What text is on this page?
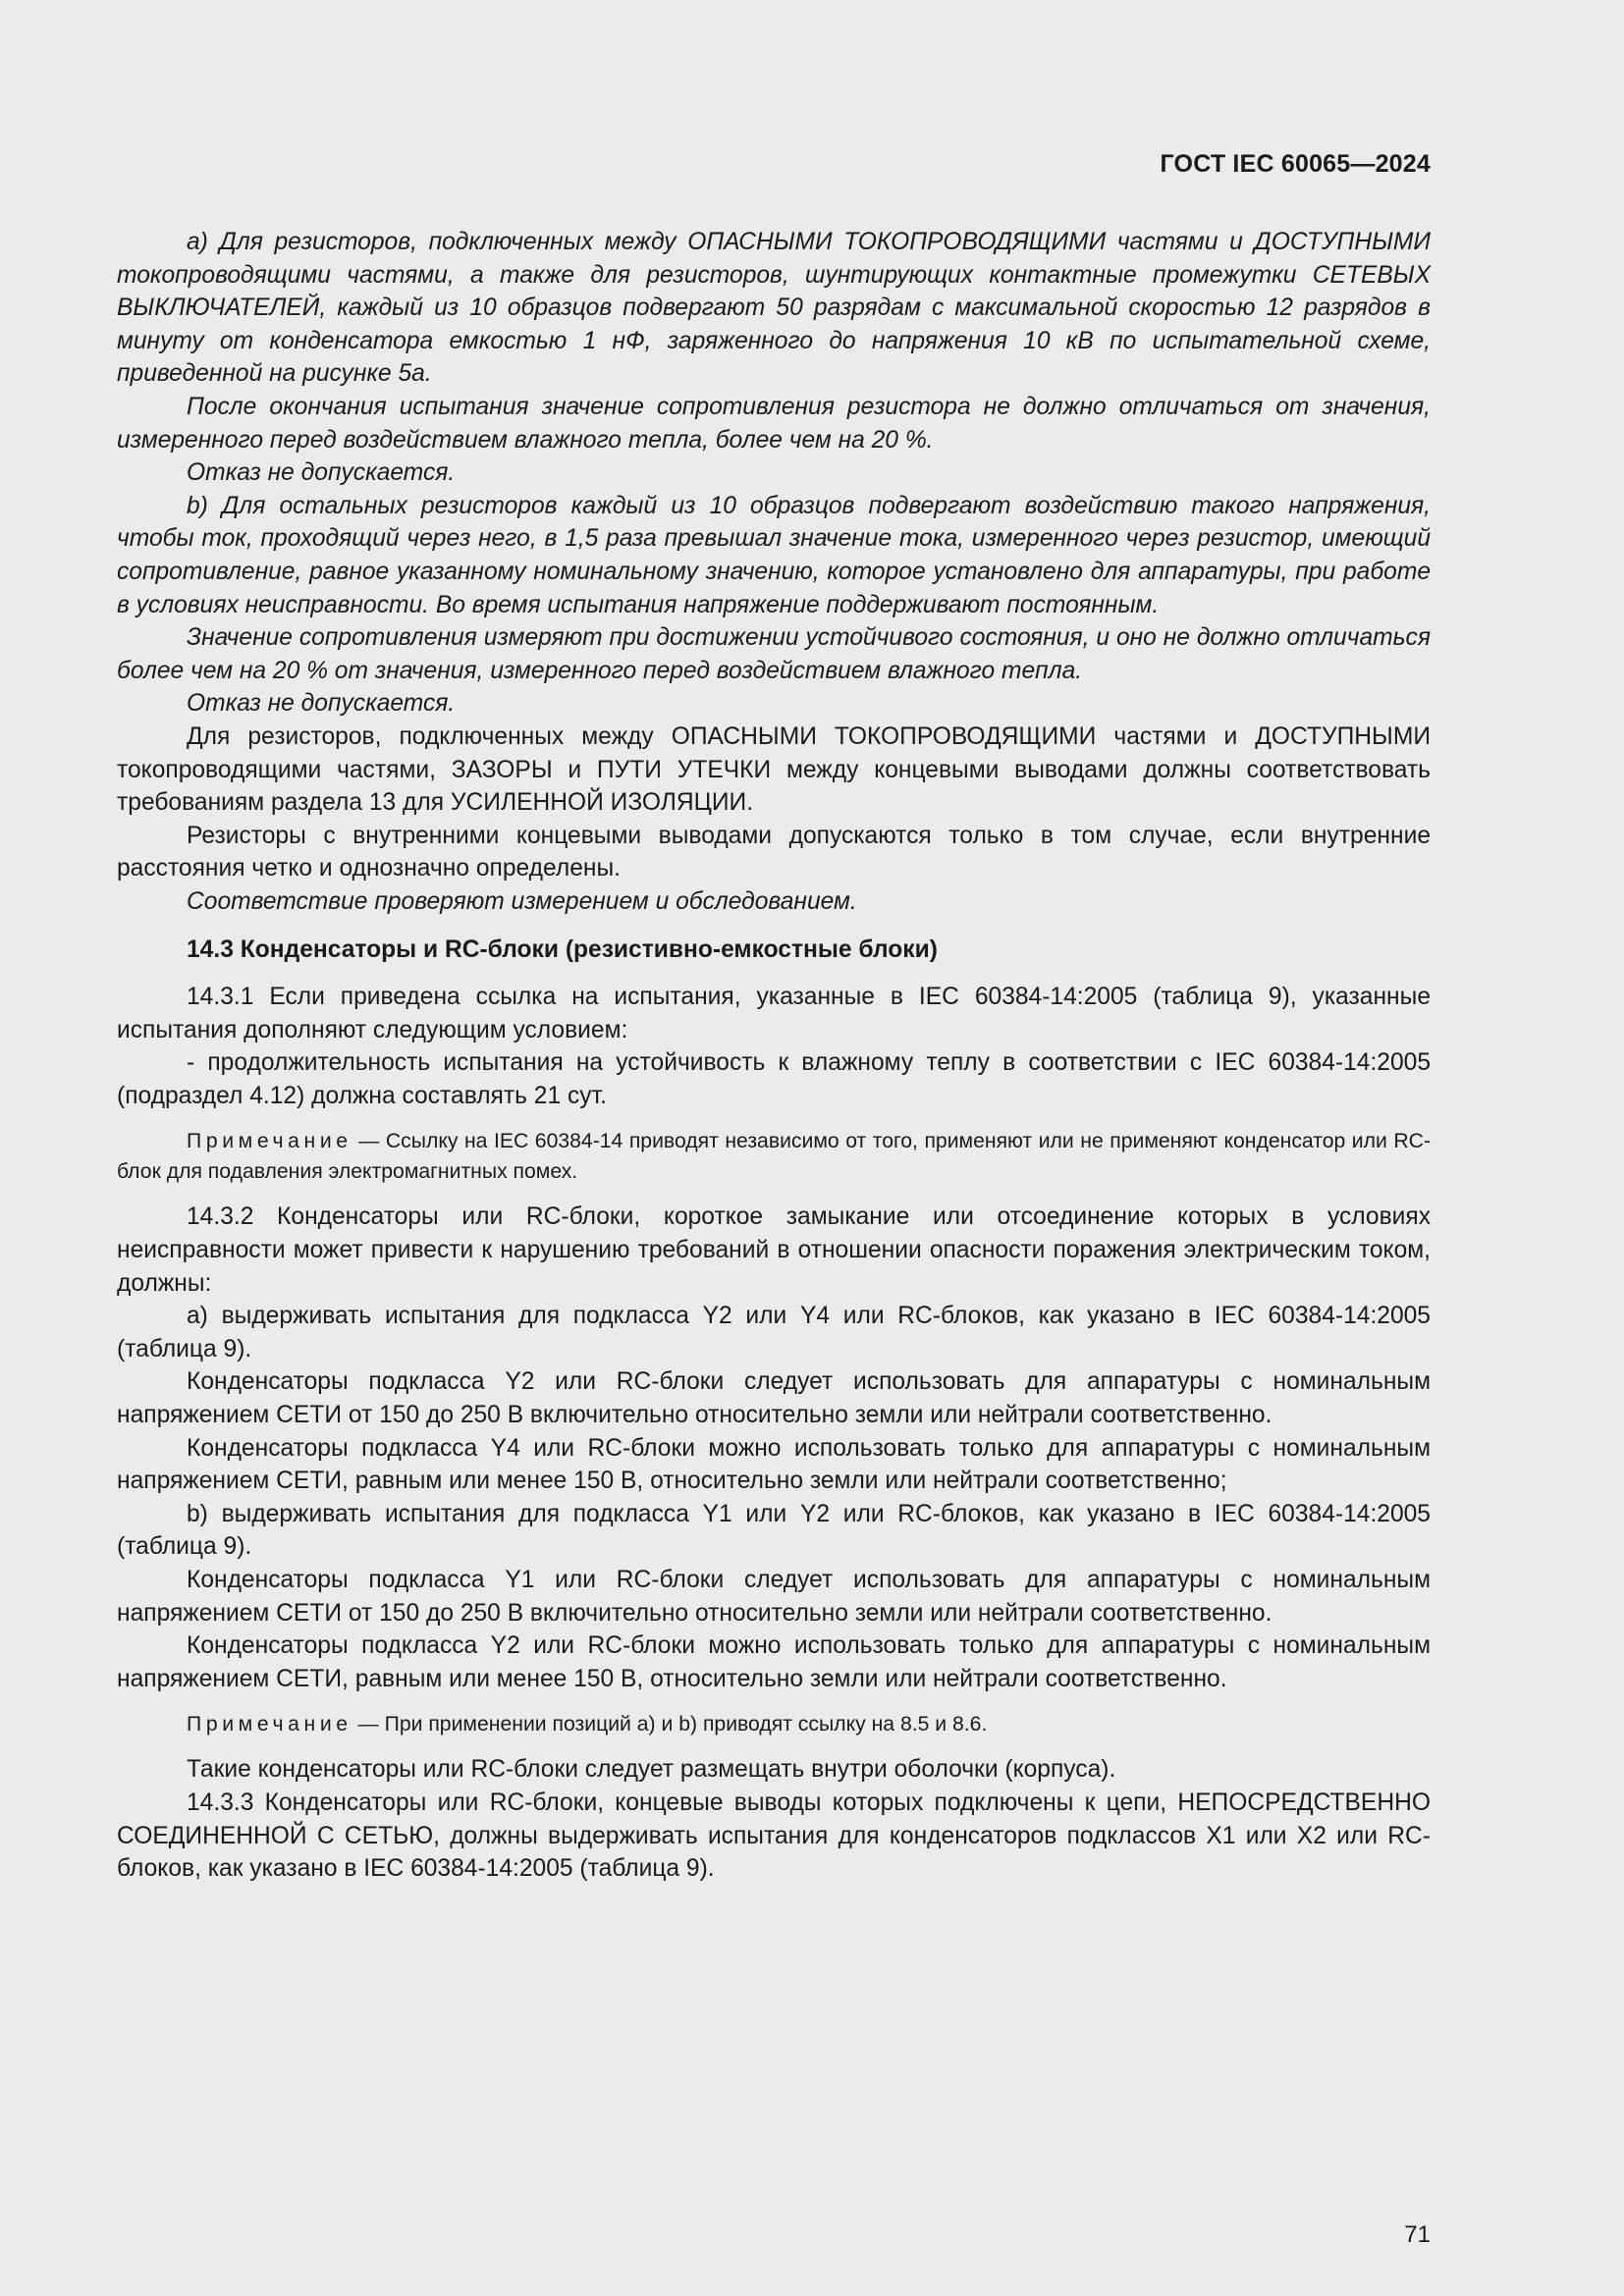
ГОСТ IEC 60065—2024

a) Для резисторов, подключенных между ОПАСНЫМИ ТОКОПРОВОДЯЩИМИ частями и ДОСТУПНЫМИ токопроводящими частями, а также для резисторов, шунтирующих контактные промежутки СЕТЕВЫХ ВЫКЛЮЧАТЕЛЕЙ, каждый из 10 образцов подвергают 50 разрядам с максимальной скоростью 12 разрядов в минуту от конденсатора емкостью 1 нФ, заряженного до напряжения 10 кВ по испытательной схеме, приведенной на рисунке 5а.

После окончания испытания значение сопротивления резистора не должно отличаться от значения, измеренного перед воздействием влажного тепла, более чем на 20 %.

Отказ не допускается.

b) Для остальных резисторов каждый из 10 образцов подвергают воздействию такого напряжения, чтобы ток, проходящий через него, в 1,5 раза превышал значение тока, измеренного через резистор, имеющий сопротивление, равное указанному номинальному значению, которое установлено для аппаратуры, при работе в условиях неисправности. Во время испытания напряжение поддерживают постоянным.

Значение сопротивления измеряют при достижении устойчивого состояния, и оно не должно отличаться более чем на 20 % от значения, измеренного перед воздействием влажного тепла.

Отказ не допускается.

Для резисторов, подключенных между ОПАСНЫМИ ТОКОПРОВОДЯЩИМИ частями и ДОСТУПНЫМИ токопроводящими частями, ЗАЗОРЫ и ПУТИ УТЕЧКИ между концевыми выводами должны соответствовать требованиям раздела 13 для УСИЛЕННОЙ ИЗОЛЯЦИИ.

Резисторы с внутренними концевыми выводами допускаются только в том случае, если внутренние расстояния четко и однозначно определены.

Соответствие проверяют измерением и обследованием.

14.3 Конденсаторы и RC-блоки (резистивно-емкостные блоки)

14.3.1 Если приведена ссылка на испытания, указанные в IEC 60384-14:2005 (таблица 9), указанные испытания дополняют следующим условием:

- продолжительность испытания на устойчивость к влажному теплу в соответствии с IEC 60384-14:2005 (подраздел 4.12) должна составлять 21 сут.

Примечание — Ссылку на IEC 60384-14 приводят независимо от того, применяют или не применяют конденсатор или RC-блок для подавления электромагнитных помех.

14.3.2 Конденсаторы или RC-блоки, короткое замыкание или отсоединение которых в условиях неисправности может привести к нарушению требований в отношении опасности поражения электрическим током, должны:

а) выдерживать испытания для подкласса Y2 или Y4 или RC-блоков, как указано в IEC 60384-14:2005 (таблица 9).

Конденсаторы подкласса Y2 или RC-блоки следует использовать для аппаратуры с номинальным напряжением СЕТИ от 150 до 250 В включительно относительно земли или нейтрали соответственно.

Конденсаторы подкласса Y4 или RC-блоки можно использовать только для аппаратуры с номинальным напряжением СЕТИ, равным или менее 150 В, относительно земли или нейтрали соответственно;

b) выдерживать испытания для подкласса Y1 или Y2 или RC-блоков, как указано в IEC 60384-14:2005 (таблица 9).

Конденсаторы подкласса Y1 или RC-блоки следует использовать для аппаратуры с номинальным напряжением СЕТИ от 150 до 250 В включительно относительно земли или нейтрали соответственно.

Конденсаторы подкласса Y2 или RC-блоки можно использовать только для аппаратуры с номинальным напряжением СЕТИ, равным или менее 150 В, относительно земли или нейтрали соответственно.

Примечание — При применении позиций а) и b) приводят ссылку на 8.5 и 8.6.

Такие конденсаторы или RC-блоки следует размещать внутри оболочки (корпуса).

14.3.3 Конденсаторы или RC-блоки, концевые выводы которых подключены к цепи, НЕПОСРЕДСТВЕННО СОЕДИНЕННОЙ С СЕТЬЮ, должны выдерживать испытания для конденсаторов подклассов X1 или X2 или RC-блоков, как указано в IEC 60384-14:2005 (таблица 9).

71
